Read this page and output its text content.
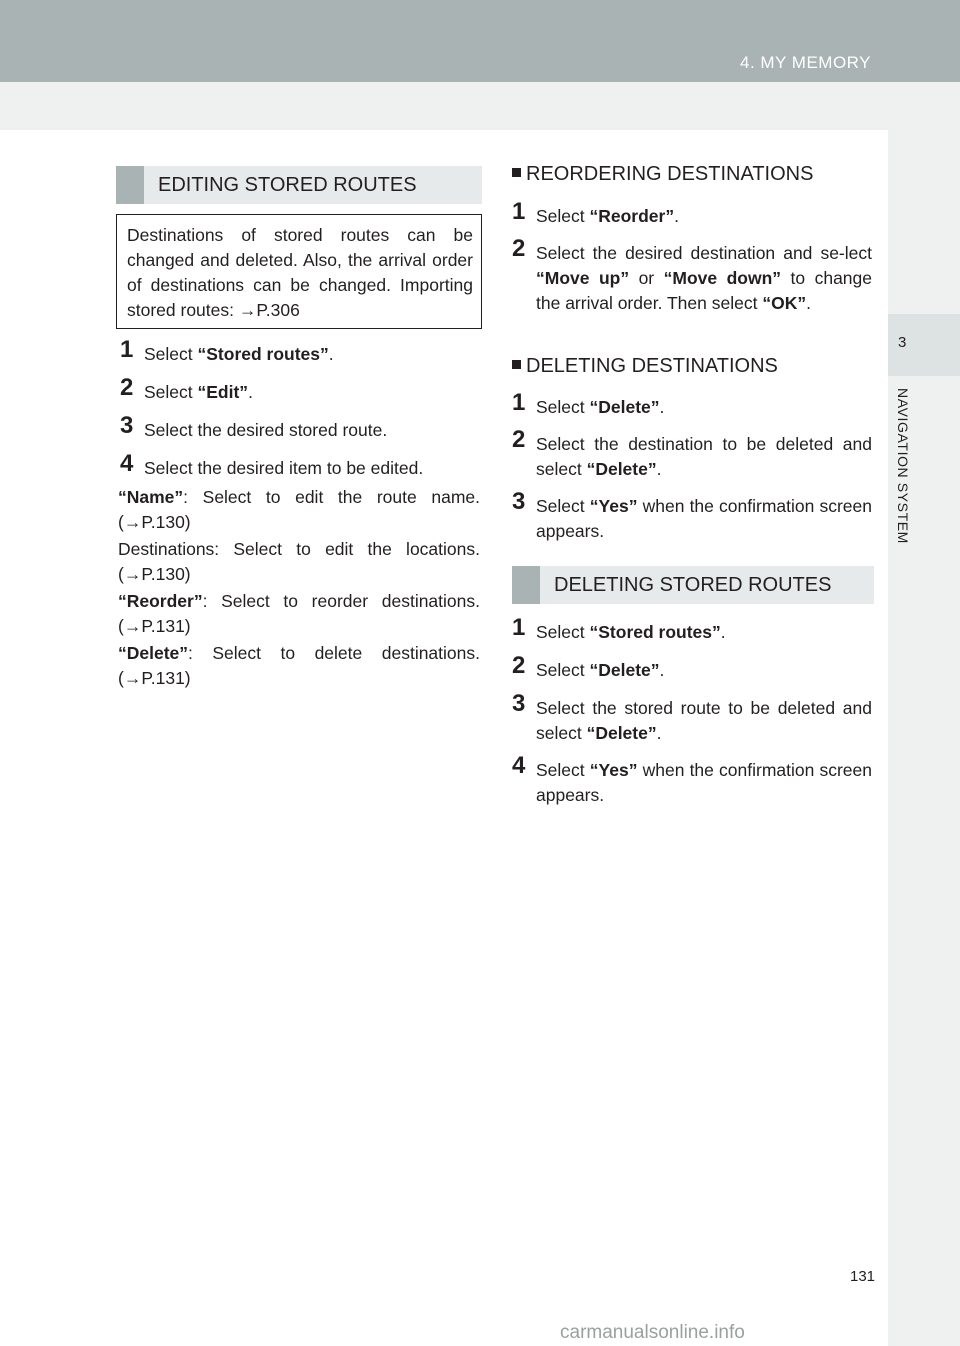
4. MY MEMORY
3
NAVIGATION SYSTEM
EDITING STORED ROUTES
Destinations of stored routes can be changed and deleted. Also, the arrival order of destinations can be changed. Importing stored routes: →P.306
1 Select “Stored routes”.
2 Select “Edit”.
3 Select the desired stored route.
4 Select the desired item to be edited.
“Name”: Select to edit the route name. (→P.130)
Destinations: Select to edit the locations. (→P.130)
“Reorder”: Select to reorder destinations. (→P.131)
“Delete”: Select to delete destinations. (→P.131)
REORDERING DESTINATIONS
1 Select “Reorder”.
2 Select the desired destination and se-lect “Move up” or “Move down” to change the arrival order. Then select “OK”.
DELETING DESTINATIONS
1 Select “Delete”.
2 Select the destination to be deleted and select “Delete”.
3 Select “Yes” when the confirmation screen appears.
DELETING STORED ROUTES
1 Select “Stored routes”.
2 Select “Delete”.
3 Select the stored route to be deleted and select “Delete”.
4 Select “Yes” when the confirmation screen appears.
131
carmanualsonline.info
